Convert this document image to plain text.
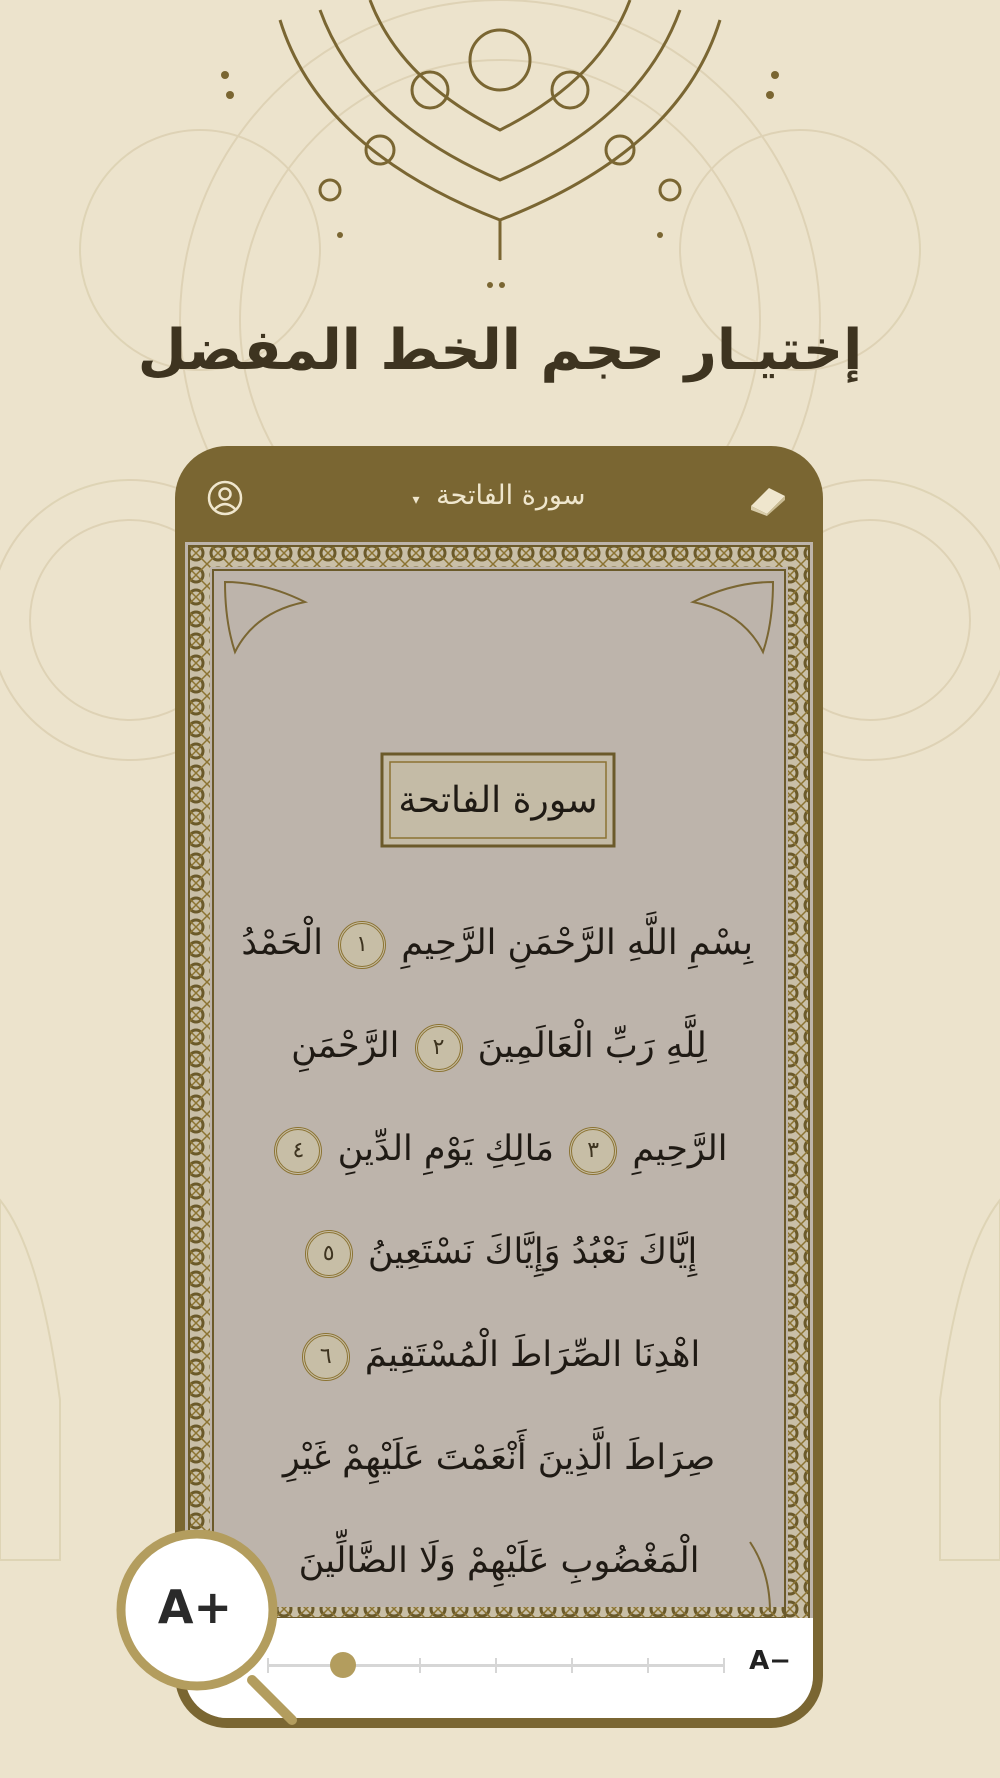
إختيـار حجم الخط المفضل
سورة الفاتحة ▾
سورة الفاتحة
بِسْمِ اللَّهِ الرَّحْمَنِ الرَّحِيمِ ١ الْحَمْدُ
لِلَّهِ رَبِّ الْعَالَمِينَ ٢ الرَّحْمَنِ
الرَّحِيمِ ٣ مَالِكِ يَوْمِ الدِّينِ ٤
إِيَّاكَ نَعْبُدُ وَإِيَّاكَ نَسْتَعِينُ ٥
اهْدِنَا الصِّرَاطَ الْمُسْتَقِيمَ ٦
صِرَاطَ الَّذِينَ أَنْعَمْتَ عَلَيْهِمْ غَيْرِ
الْمَغْضُوبِ عَلَيْهِمْ وَلَا الضَّالِّينَ
A−
A+
